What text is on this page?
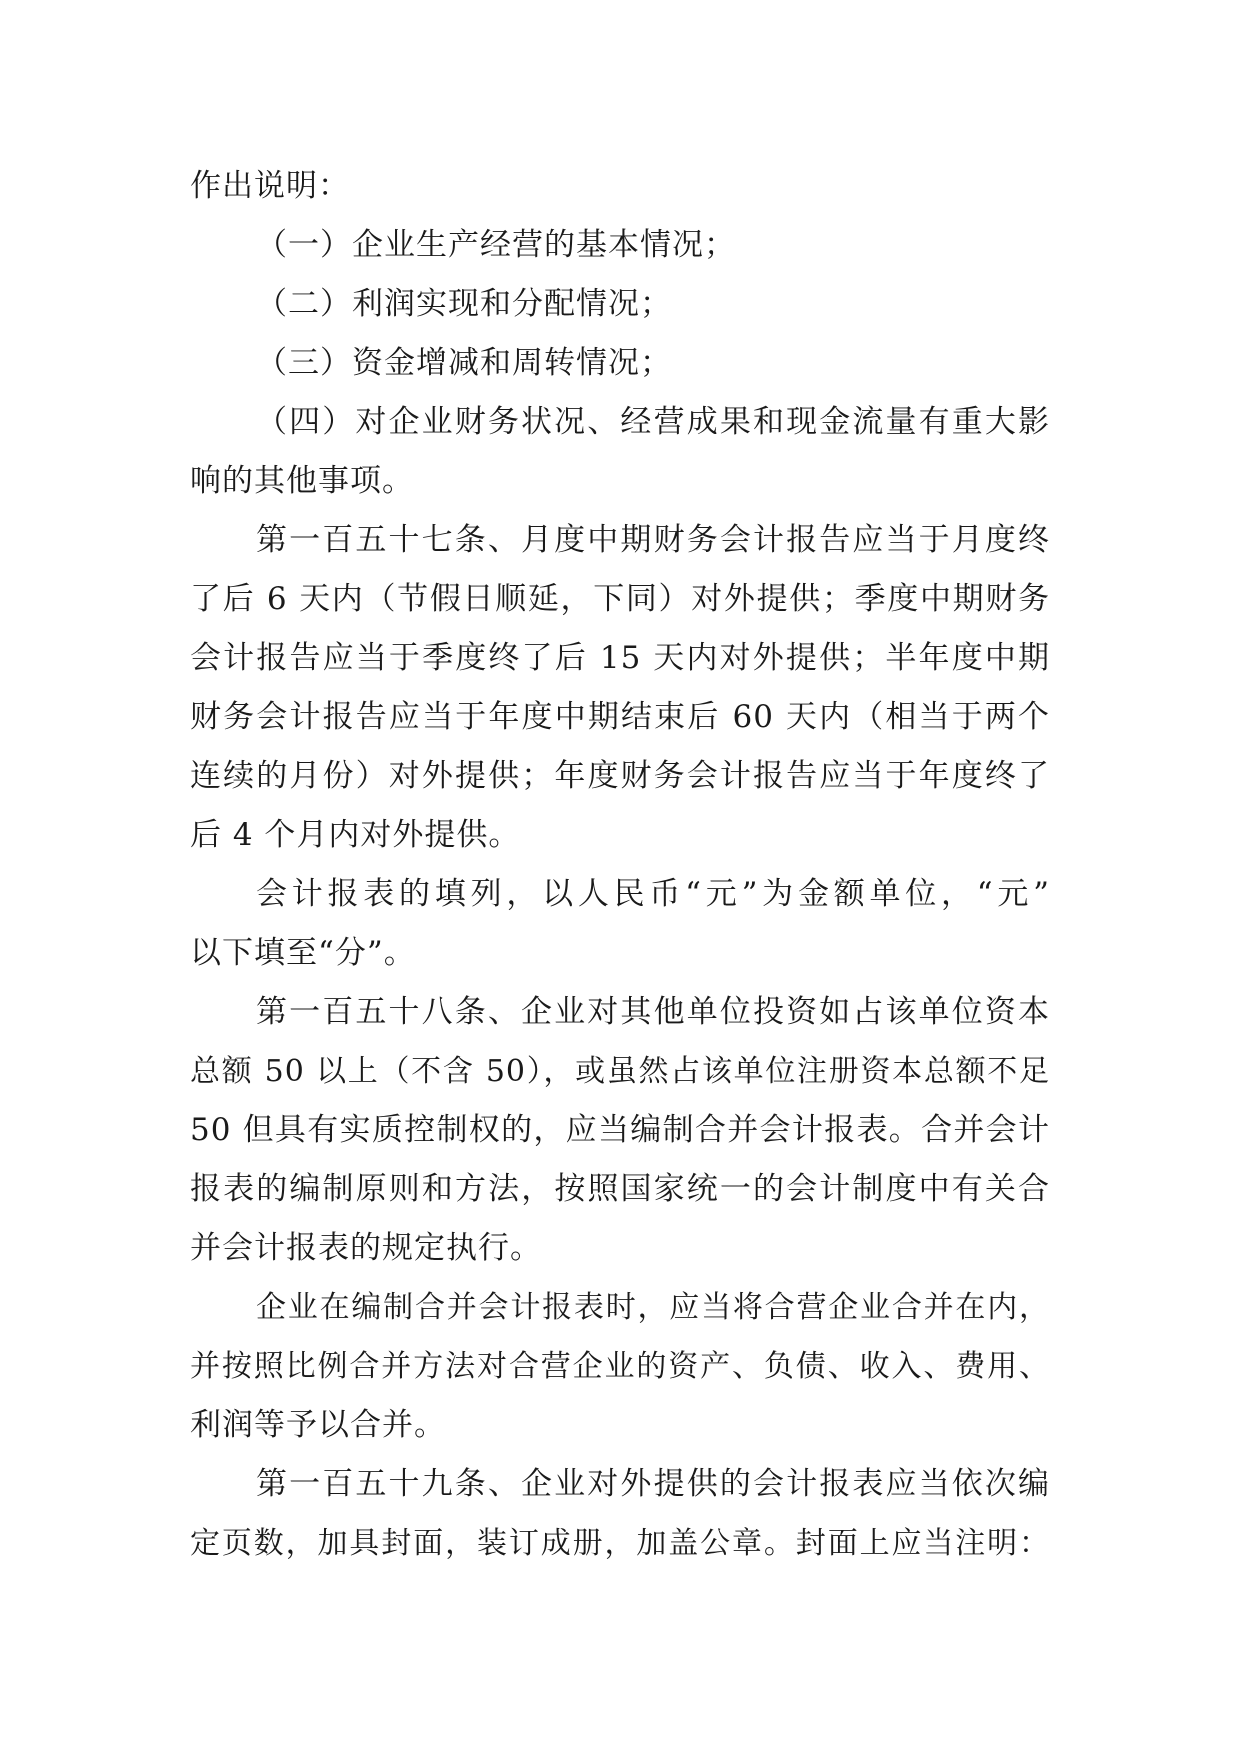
作出说明：
（一）企业生产经营的基本情况；
（二）利润实现和分配情况；
（三）资金增减和周转情况；
（四）对企业财务状况、经营成果和现金流量有重大影
响的其他事项。
第一百五十七条、月度中期财务会计报告应当于月度终
了后 6 天内（节假日顺延，下同）对外提供；季度中期财务
会计报告应当于季度终了后 15 天内对外提供；半年度中期
财务会计报告应当于年度中期结束后 60 天内（相当于两个
连续的月份）对外提供；年度财务会计报告应当于年度终了
后 4 个月内对外提供。
会计报表的填列，以人民币“元”为金额单位，“元”
以下填至“分”。
第一百五十八条、企业对其他单位投资如占该单位资本
总额 50 以上（不含 50），或虽然占该单位注册资本总额不足
50 但具有实质控制权的，应当编制合并会计报表。合并会计
报表的编制原则和方法，按照国家统一的会计制度中有关合
并会计报表的规定执行。
企业在编制合并会计报表时，应当将合营企业合并在内，
并按照比例合并方法对合营企业的资产、负债、收入、费用、
利润等予以合并。
第一百五十九条、企业对外提供的会计报表应当依次编
定页数，加具封面，装订成册，加盖公章。封面上应当注明：
